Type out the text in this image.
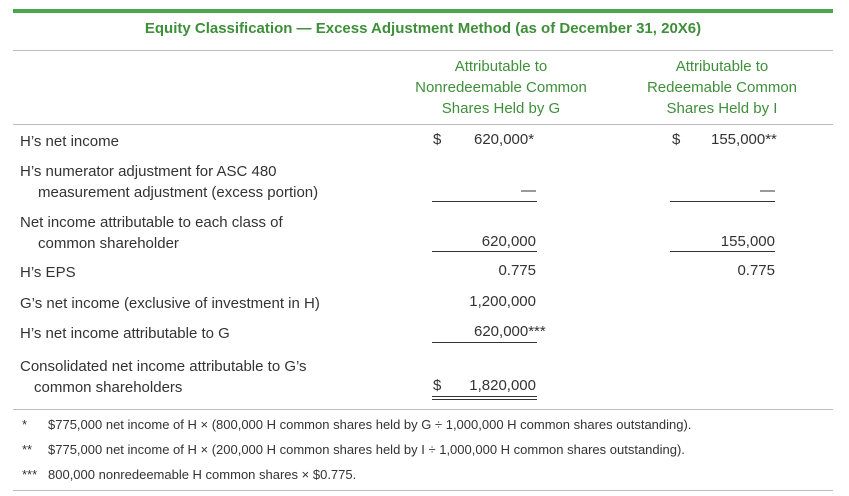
Equity Classification — Excess Adjustment Method (as of December 31, 20X6)
Attributable to
Nonredeemable Common
Shares Held by G
Attributable to
Redeemable Common
Shares Held by I
H’s net income	$	620,000*	$ 155,000**
H’s numerator adjustment for ASC 480
measurement adjustment (excess portion)	—	—
Net income attributable to each class of
common shareholder	620,000	155,000
H’s EPS	0.775	0.775
G’s net income (exclusive of investment in H)	1,200,000
H’s net income attributable to G	620,000***
Consolidated net income attributable to G’s
common shareholders	$	1,820,000
* $775,000 net income of H × (800,000 H common shares held by G ÷ 1,000,000 H common shares outstanding).
** $775,000 net income of H × (200,000 H common shares held by I ÷ 1,000,000 H common shares outstanding).
*** 800,000 nonredeemable H common shares × $0.775.
